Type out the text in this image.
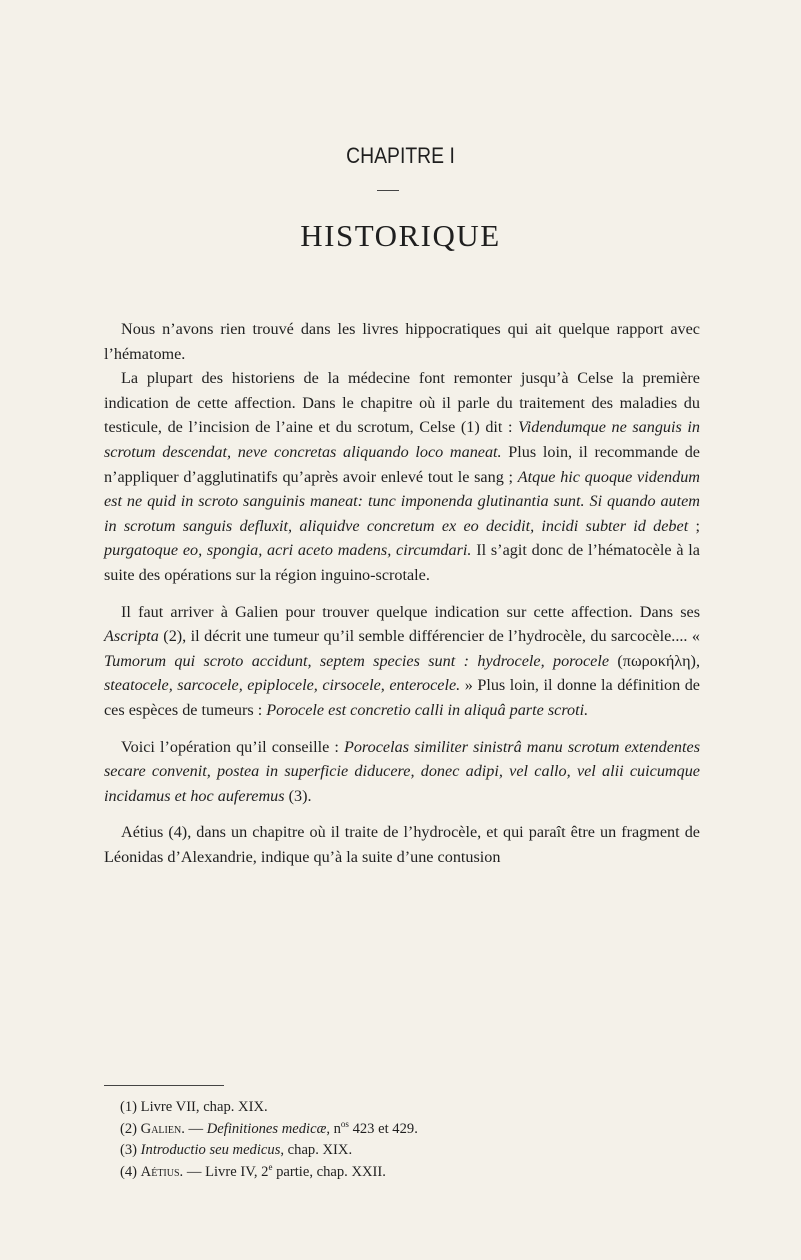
CHAPITRE I
HISTORIQUE

Nous n’avons rien trouvé dans les livres hippocratiques qui ait quelque rapport avec l’hématome.

La plupart des historiens de la médecine font remonter jusqu’à Celse la première indication de cette affection. Dans le chapitre où il parle du traitement des maladies du testicule, de l’incision de l’aine et du scrotum, Celse (1) dit : Videndumque ne sanguis in scrotum descendat, neve concretas aliquando loco maneat. Plus loin, il recommande de n’appliquer d’agglutinatifs qu’après avoir enlevé tout le sang ; Atque hic quoque videndum est ne quid in scroto sanguinis maneat: tunc imponenda glutinantia sunt. Si quando autem in scrotum sanguis defluxit, aliquidve concretum ex eo decidit, incidi subter id debet ; purgatoque eo, spongia, acri aceto madens, circumdari. Il s’agit donc de l’hématocèle à la suite des opérations sur la région inguino-scrotale.

Il faut arriver à Galien pour trouver quelque indication sur cette affection. Dans ses Ascripta (2), il décrit une tumeur qu’il semble différencier de l’hydrocèle, du sarcocèle.... « Tumorum qui scroto accidunt, septem species sunt : hydrocele, porocele (πωροκήλη), steatocele, sarcocele, epiplocele, cirsocele, enterocele. » Plus loin, il donne la définition de ces espèces de tumeurs : Porocele est concretio calli in aliquâ parte scroti.

Voici l’opération qu’il conseille : Porocelas similiter sinistrâ manu scrotum extendentes secare convenit, postea in superficie diducere, donec adipi, vel callo, vel alii cuicumque incidamus et hoc auferemus (3).

Aétius (4), dans un chapitre où il traite de l’hydrocèle, et qui paraît être un fragment de Léonidas d’Alexandrie, indique qu’à la suite d’une contusion

(1) Livre VII, chap. XIX.
(2) Galien. — Definitiones medicæ, $n^{os}$ 423 et 429.
(3) Introductio seu medicus, chap. XIX.
(4) Aétius. — Livre IV, 2e partie, chap. XXII.
